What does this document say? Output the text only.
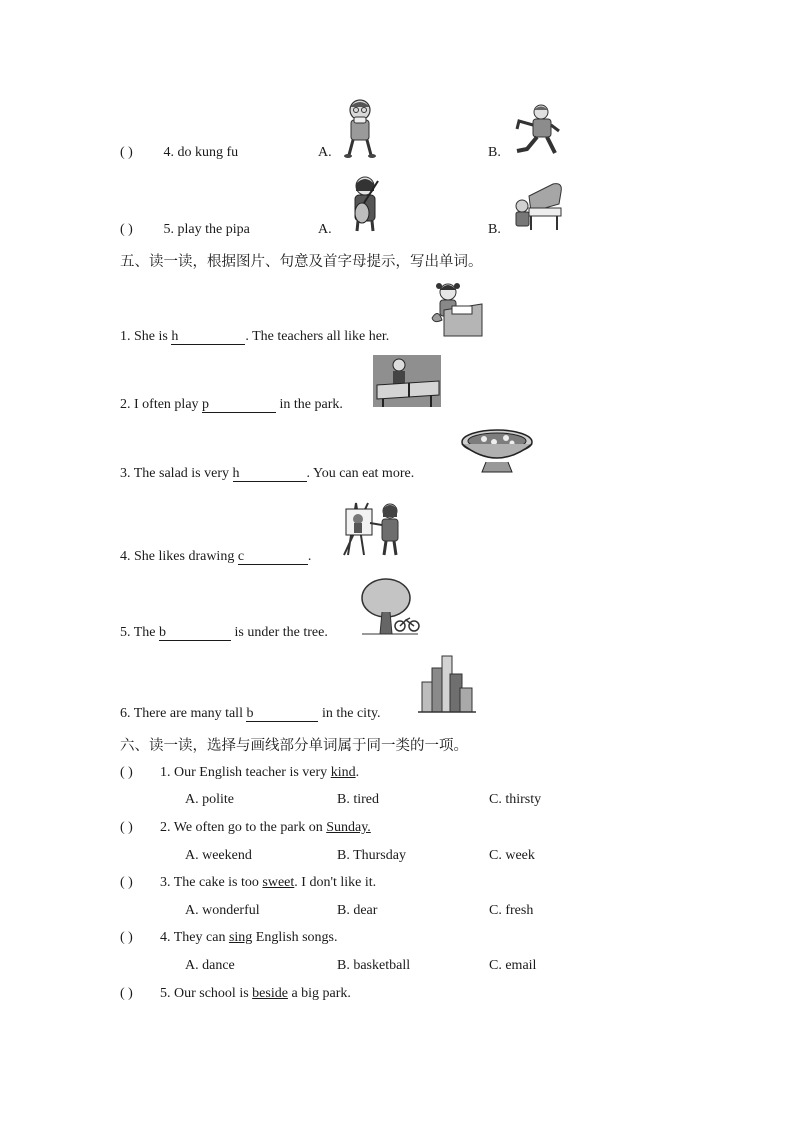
( ) 4. do kung fu	A.	B.
( ) 5. play the pipa	A.	B.
五、读一读，根据图片、句意及首字母提示，写出单词。
1. She is h	. The teachers all like her.
2. I often play p	in the park.
3. The salad is very h	. You can eat more.
4. She likes drawing c	.
5. The b	is under the tree.
6. There are many tall b	in the city.
六、读一读，选择与画线部分单词属于同一类的一项。
( ) 1. Our English teacher is very kind.
A. polite	B. tired	C. thirsty
( ) 2. We often go to the park on Sunday.
A. weekend	B. Thursday	C. week
( ) 3. The cake is too sweet. I don't like it.
A. wonderful	B. dear	C. fresh
( ) 4. They can sing English songs.
A. dance	B. basketball	C. email
( ) 5. Our school is beside a big park.
